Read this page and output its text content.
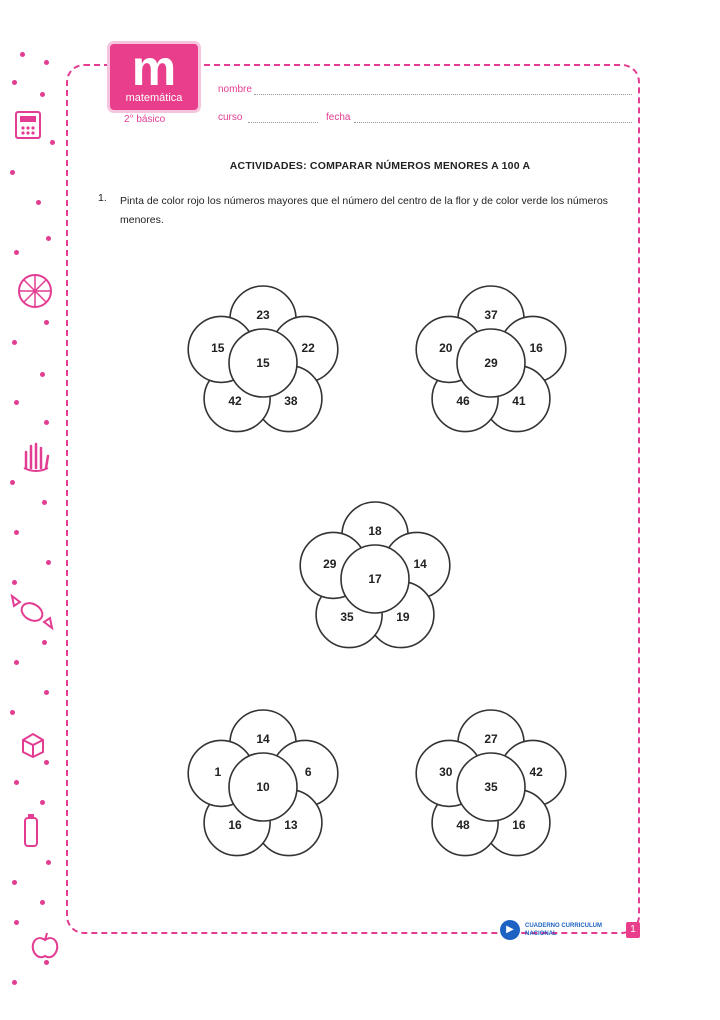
m
matemática
2° básico
nombre
curso	fecha
ACTIVIDADES: COMPARAR NÚMEROS MENORES A 100 A
1. Pinta de color rojo los números mayores que el número del centro de la flor y de color verde los números menores.
23
22
38
42
15
15
37
16
41
46
20
29
18
14
19
35
29
17
14
6
13
16
1
10
27
42
16
48
30
35
▶	CUADERNO CURRICULUM NACIONAL	1
